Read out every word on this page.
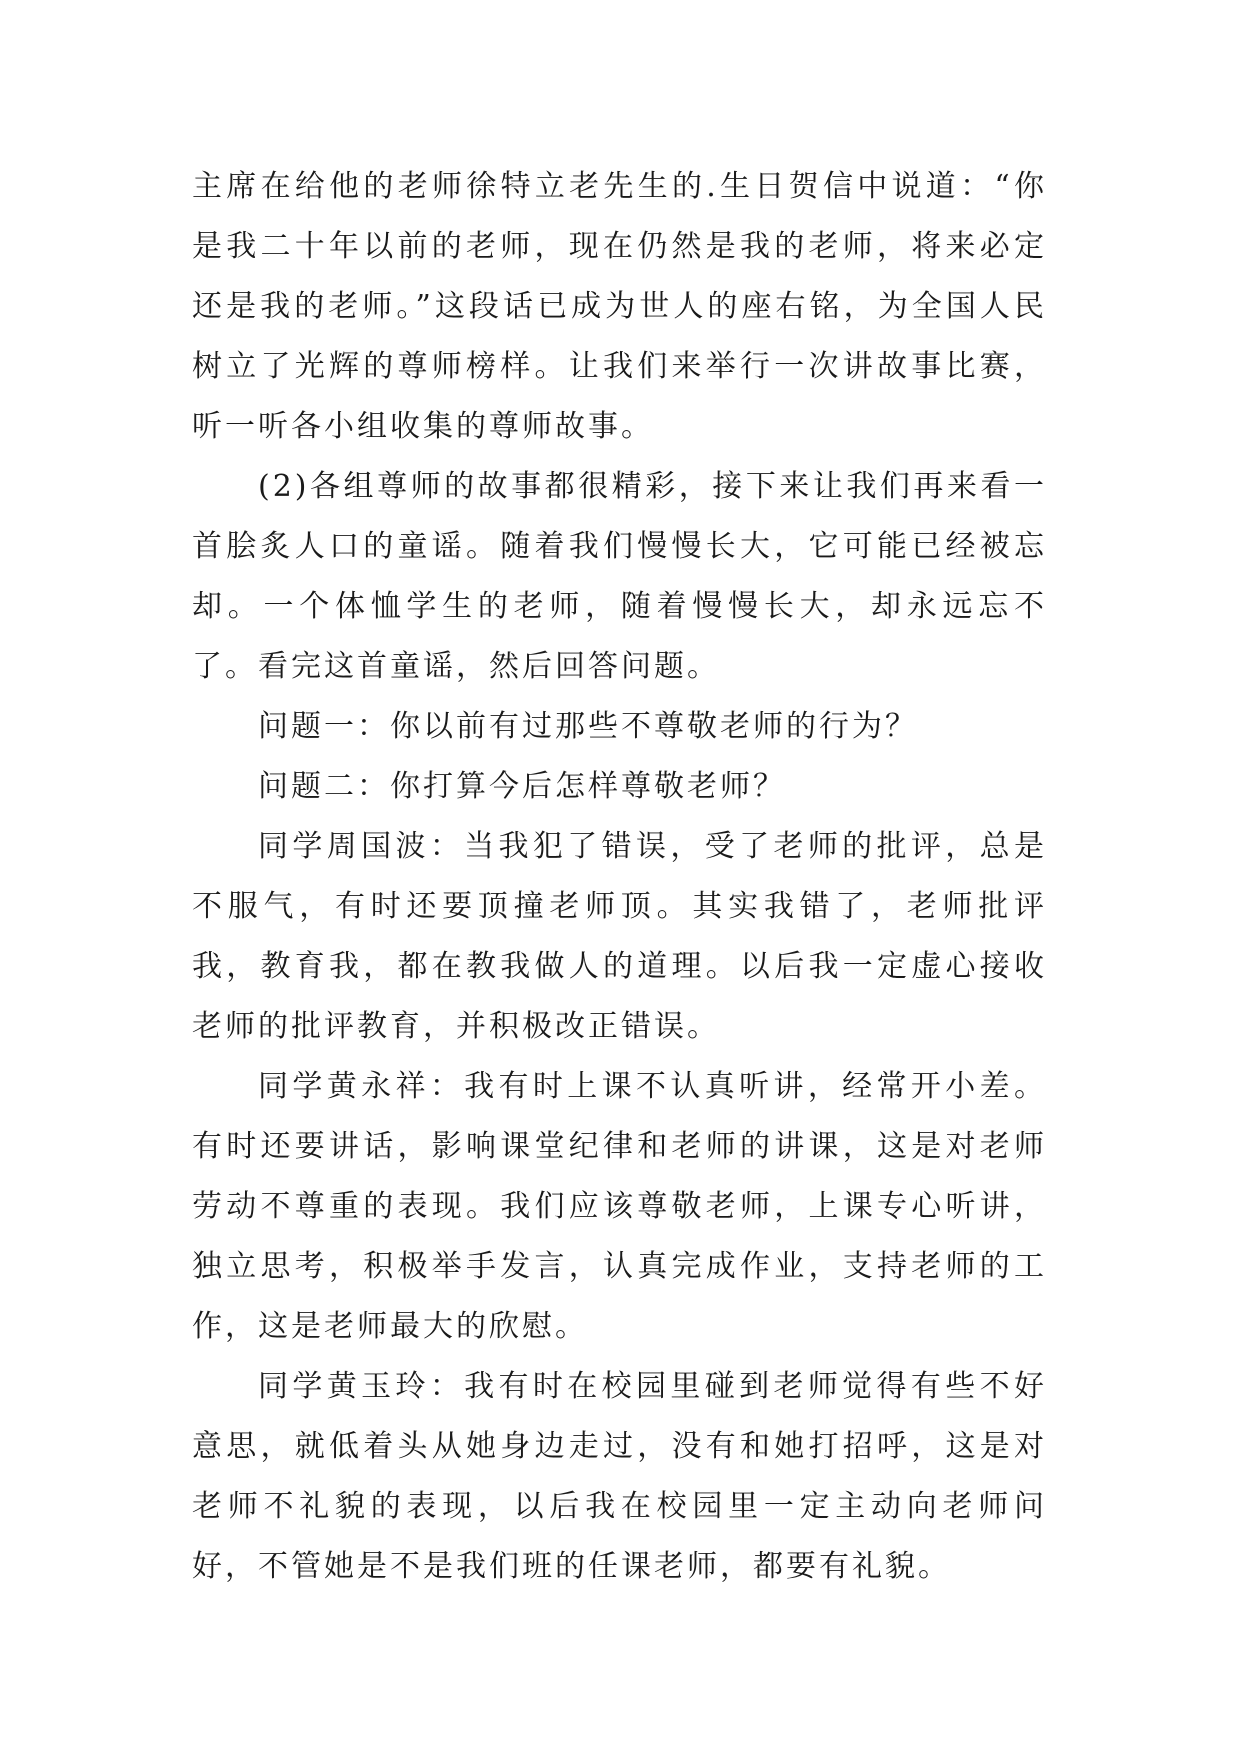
主席在给他的老师徐特立老先生的.生日贺信中说道：“你是我二十年以前的老师，现在仍然是我的老师，将来必定还是我的老师。”这段话已成为世人的座右铭，为全国人民树立了光辉的尊师榜样。让我们来举行一次讲故事比赛，听一听各小组收集的尊师故事。

(2)各组尊师的故事都很精彩，接下来让我们再来看一首脍炙人口的童谣。随着我们慢慢长大，它可能已经被忘却。一个体恤学生的老师，随着慢慢长大，却永远忘不了。看完这首童谣，然后回答问题。

问题一：你以前有过那些不尊敬老师的行为？

问题二：你打算今后怎样尊敬老师？

同学周国波：当我犯了错误，受了老师的批评，总是不服气，有时还要顶撞老师顶。其实我错了，老师批评我，教育我，都在教我做人的道理。以后我一定虚心接收老师的批评教育，并积极改正错误。

同学黄永祥：我有时上课不认真听讲，经常开小差。有时还要讲话，影响课堂纪律和老师的讲课，这是对老师劳动不尊重的表现。我们应该尊敬老师，上课专心听讲，独立思考，积极举手发言，认真完成作业，支持老师的工作，这是老师最大的欣慰。

同学黄玉玲：我有时在校园里碰到老师觉得有些不好意思，就低着头从她身边走过，没有和她打招呼，这是对老师不礼貌的表现，以后我在校园里一定主动向老师问好，不管她是不是我们班的任课老师，都要有礼貌。
